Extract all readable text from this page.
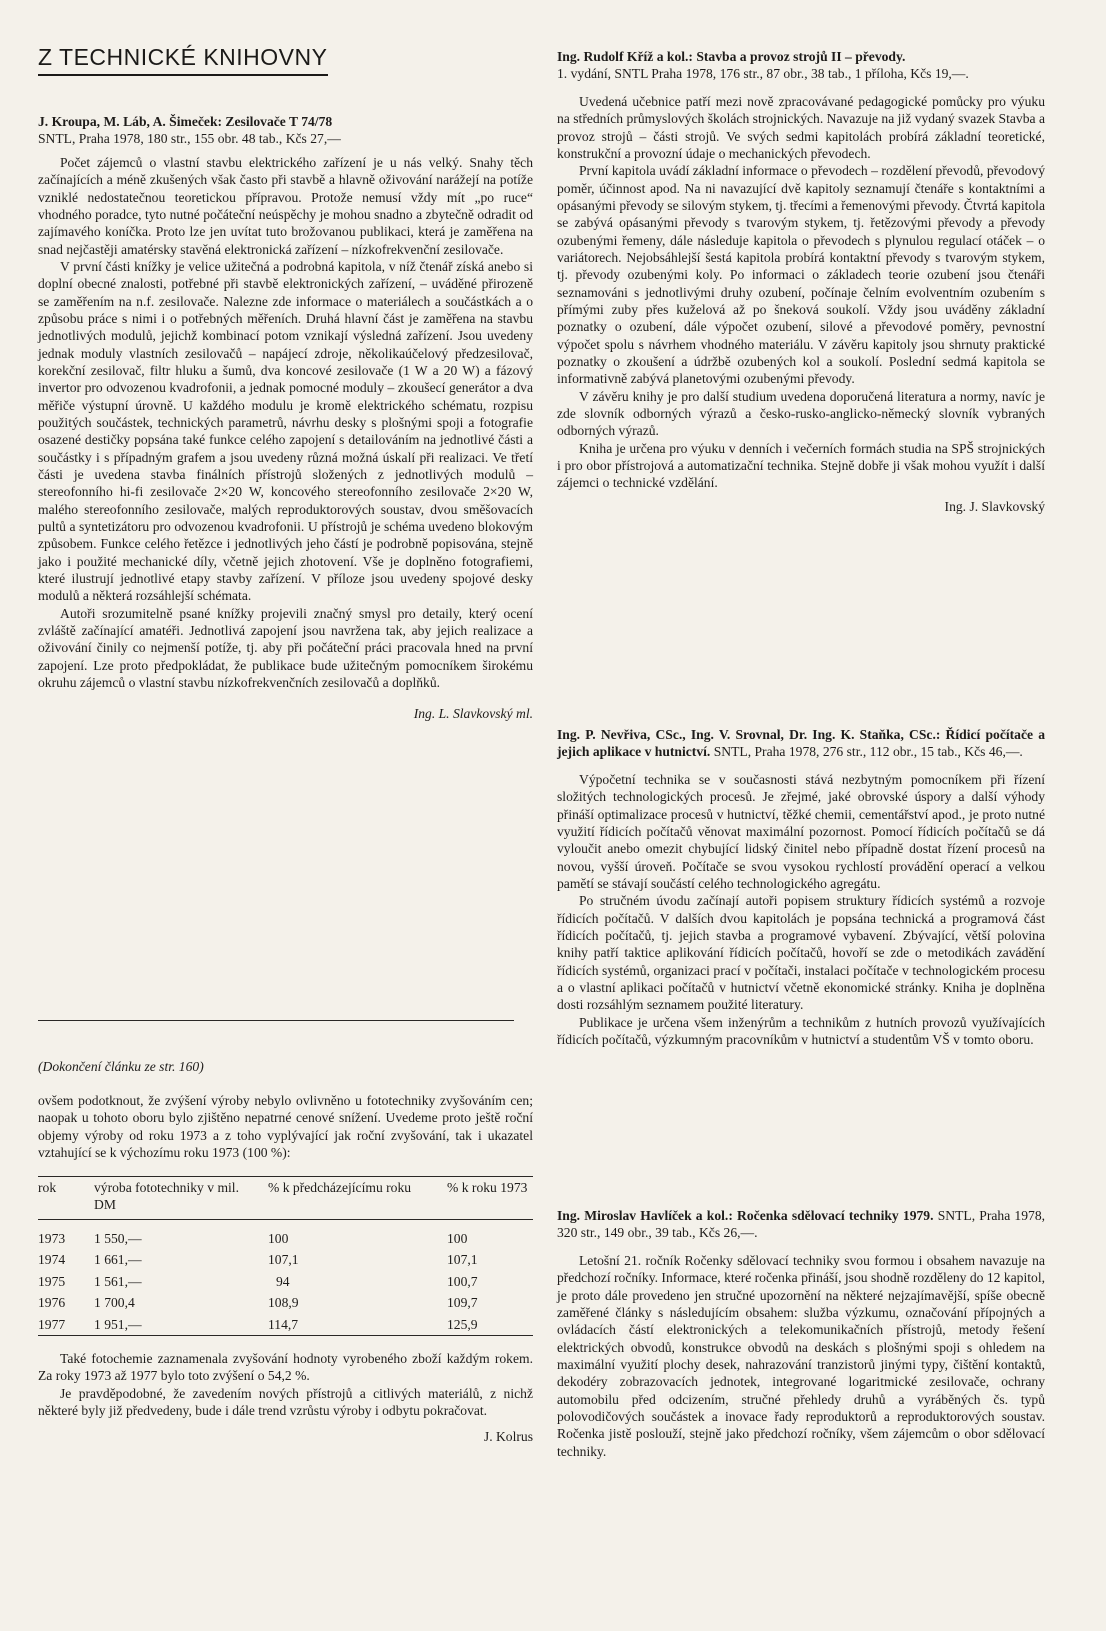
Z TECHNICKÉ KNIHOVNY

J. Kroupa, M. Láb, A. Šimeček: Zesilovače T 74/78

SNTL, Praha 1978, 180 str., 155 obr. 48 tab., Kčs 27,—

Počet zájemců o vlastní stavbu elektrického zařízení je u nás velký. Snahy těch začínajících a méně zkušených však často při stavbě a hlavně oživování narážejí na potíže vzniklé nedostatečnou teoretickou přípravou. Protože nemusí vždy mít „po ruce“ vhodného poradce, tyto nutné počáteční neúspěchy je mohou snadno a zbytečně odradit od zajímavého koníčka. Proto lze jen uvítat tuto brožovanou publikaci, která je zaměřena na snad nejčastěji amatérsky stavěná elektronická zařízení – nízkofrekvenční zesilovače.

V první části knížky je velice užitečná a podrobná kapitola, v níž čtenář získá anebo si doplní obecné znalosti, potřebné při stavbě elektronických zařízení, – uváděné přirozeně se zaměřením na n.f. zesilovače. Nalezne zde informace o materiálech a součástkách a o způsobu práce s nimi i o potřebných měřeních. Druhá hlavní část je zaměřena na stavbu jednotlivých modulů, jejichž kombinací potom vznikají výsledná zařízení. Jsou uvedeny jednak moduly vlastních zesilovačů – napájecí zdroje, několikaúčelový předzesilovač, korekční zesilovač, filtr hluku a šumů, dva koncové zesilovače (1 W a 20 W) a fázový invertor pro odvozenou kvadrofonii, a jednak pomocné moduly – zkoušecí generátor a dva měřiče výstupní úrovně. U každého modulu je kromě elektrického schématu, rozpisu použitých součástek, technických parametrů, návrhu desky s plošnými spoji a fotografie osazené destičky popsána také funkce celého zapojení s detailováním na jednotlivé části a součástky i s případným grafem a jsou uvedeny různá možná úskalí při realizaci. Ve třetí části je uvedena stavba finálních přístrojů složených z jednotlivých modulů – stereofonního hi-fi zesilovače 2×20 W, koncového stereofonního zesilovače 2×20 W, malého stereofonního zesilovače, malých reproduktorových soustav, dvou směšovacích pultů a syntetizátoru pro odvozenou kvadrofonii. U přístrojů je schéma uvedeno blokovým způsobem. Funkce celého řetězce i jednotlivých jeho částí je podrobně popisována, stejně jako i použité mechanické díly, včetně jejich zhotovení. Vše je doplněno fotografiemi, které ilustrují jednotlivé etapy stavby zařízení. V příloze jsou uvedeny spojové desky modulů a některá rozsáhlejší schémata.

Autoři srozumitelně psané knížky projevili značný smysl pro detaily, který ocení zvláště začínající amatéři. Jednotlivá zapojení jsou navržena tak, aby jejich realizace a oživování činily co nejmenší potíže, tj. aby při počáteční práci pracovala hned na první zapojení. Lze proto předpokládat, že publikace bude užitečným pomocníkem širokému okruhu zájemců o vlastní stavbu nízkofrekvenčních zesilovačů a doplňků.

Ing. L. Slavkovský ml.

(Dokončení článku ze str. 160)

ovšem podotknout, že zvýšení výroby nebylo ovlivněno u fototechniky zvyšováním cen; naopak u tohoto oboru bylo zjištěno nepatrné cenové snížení. Uvedeme proto ještě roční objemy výroby od roku 1973 a z toho vyplývající jak roční zvyšování, tak i ukazatel vztahující se k výchozímu roku 1973 (100 %):

rok	výroba fototechniky v mil. DM	% k předcházejícímu roku	% k roku 1973

1973	1 550,—	100	100
1974	1 661,—	107,1	107,1
1975	1 561,—	94	100,7
1976	1 700,4	108,9	109,7
1977	1 951,—	114,7	125,9

Také fotochemie zaznamenala zvyšování hodnoty vyrobeného zboží každým rokem. Za roky 1973 až 1977 bylo toto zvýšení o 54,2 %.

Je pravděpodobné, že zavedením nových přístrojů a citlivých materiálů, z nichž některé byly již předvedeny, bude i dále trend vzrůstu výroby i odbytu pokračovat.

J. Kolrus

Ing. Rudolf Kříž a kol.: Stavba a provoz strojů II – převody.

1. vydání, SNTL Praha 1978, 176 str., 87 obr., 38 tab., 1 příloha, Kčs 19,—.

Uvedená učebnice patří mezi nově zpracovávané pedagogické pomůcky pro výuku na středních průmyslových školách strojnických. Navazuje na již vydaný svazek Stavba a provoz strojů – části strojů. Ve svých sedmi kapitolách probírá základní teoretické, konstrukční a provozní údaje o mechanických převodech.

První kapitola uvádí základní informace o převodech – rozdělení převodů, převodový poměr, účinnost apod. Na ni navazující dvě kapitoly seznamují čtenáře s kontaktními a opásanými převody se silovým stykem, tj. třecími a řemenovými převody. Čtvrtá kapitola se zabývá opásanými převody s tvarovým stykem, tj. řetězovými převody a převody ozubenými řemeny, dále následuje kapitola o převodech s plynulou regulací otáček – o variátorech. Nejobsáhlejší šestá kapitola probírá kontaktní převody s tvarovým stykem, tj. převody ozubenými koly. Po informaci o základech teorie ozubení jsou čtenáři seznamováni s jednotlivými druhy ozubení, počínaje čelním evolventním ozubením s přímými zuby přes kuželová až po šneková soukolí. Vždy jsou uváděny základní poznatky o ozubení, dále výpočet ozubení, silové a převodové poměry, pevnostní výpočet spolu s návrhem vhodného materiálu. V závěru kapitoly jsou shrnuty praktické poznatky o zkoušení a údržbě ozubených kol a soukolí. Poslední sedmá kapitola se informativně zabývá planetovými ozubenými převody.

V závěru knihy je pro další studium uvedena doporučená literatura a normy, navíc je zde slovník odborných výrazů a česko-rusko-anglicko-německý slovník vybraných odborných výrazů.

Kniha je určena pro výuku v denních i večerních formách studia na SPŠ strojnických i pro obor přístrojová a automatizační technika. Stejně dobře ji však mohou využít i další zájemci o technické vzdělání.

Ing. J. Slavkovský

Ing. P. Nevřiva, CSc., Ing. V. Srovnal, Dr. Ing. K. Staňka, CSc.: Řídicí počítače a jejich aplikace v hutnictví. SNTL, Praha 1978, 276 str., 112 obr., 15 tab., Kčs 46,—.

Výpočetní technika se v současnosti stává nezbytným pomocníkem při řízení složitých technologických procesů. Je zřejmé, jaké obrovské úspory a další výhody přináší optimalizace procesů v hutnictví, těžké chemii, cementářství apod., je proto nutné využití řídicích počítačů věnovat maximální pozornost. Pomocí řídicích počítačů se dá vyloučit anebo omezit chybující lidský činitel nebo případně dostat řízení procesů na novou, vyšší úroveň. Počítače se svou vysokou rychlostí provádění operací a velkou pamětí se stávají součástí celého technologického agregátu.

Po stručném úvodu začínají autoři popisem struktury řídicích systémů a rozvoje řídicích počítačů. V dalších dvou kapitolách je popsána technická a programová část řídicích počítačů, tj. jejich stavba a programové vybavení. Zbývající, větší polovina knihy patří taktice aplikování řídicích počítačů, hovoří se zde o metodikách zavádění řídicích systémů, organizaci prací v počítači, instalaci počítače v technologickém procesu a o vlastní aplikaci počítačů v hutnictví včetně ekonomické stránky. Kniha je doplněna dosti rozsáhlým seznamem použité literatury.

Publikace je určena všem inženýrům a technikům z hutních provozů využívajících řídicích počítačů, výzkumným pracovníkům v hutnictví a studentům VŠ v tomto oboru.

Ing. Miroslav Havlíček a kol.: Ročenka sdělovací techniky 1979. SNTL, Praha 1978, 320 str., 149 obr., 39 tab., Kčs 26,—.

Letošní 21. ročník Ročenky sdělovací techniky svou formou i obsahem navazuje na předchozí ročníky. Informace, které ročenka přináší, jsou shodně rozděleny do 12 kapitol, je proto dále provedeno jen stručné upozornění na některé nejzajímavější, spíše obecně zaměřené články s následujícím obsahem: služba výzkumu, označování přípojných a ovládacích částí elektronických a telekomunikačních přístrojů, metody řešení elektrických obvodů, konstrukce obvodů na deskách s plošnými spoji s ohledem na maximální využití plochy desek, nahrazování tranzistorů jinými typy, čištění kontaktů, dekodéry zobrazovacích jednotek, integrované logaritmické zesilovače, ochrany automobilu před odcizením, stručné přehledy druhů a vyráběných čs. typů polovodičových součástek a inovace řady reproduktorů a reproduktorových soustav. Ročenka jistě poslouží, stejně jako předchozí ročníky, všem zájemcům o obor sdělovací techniky.
